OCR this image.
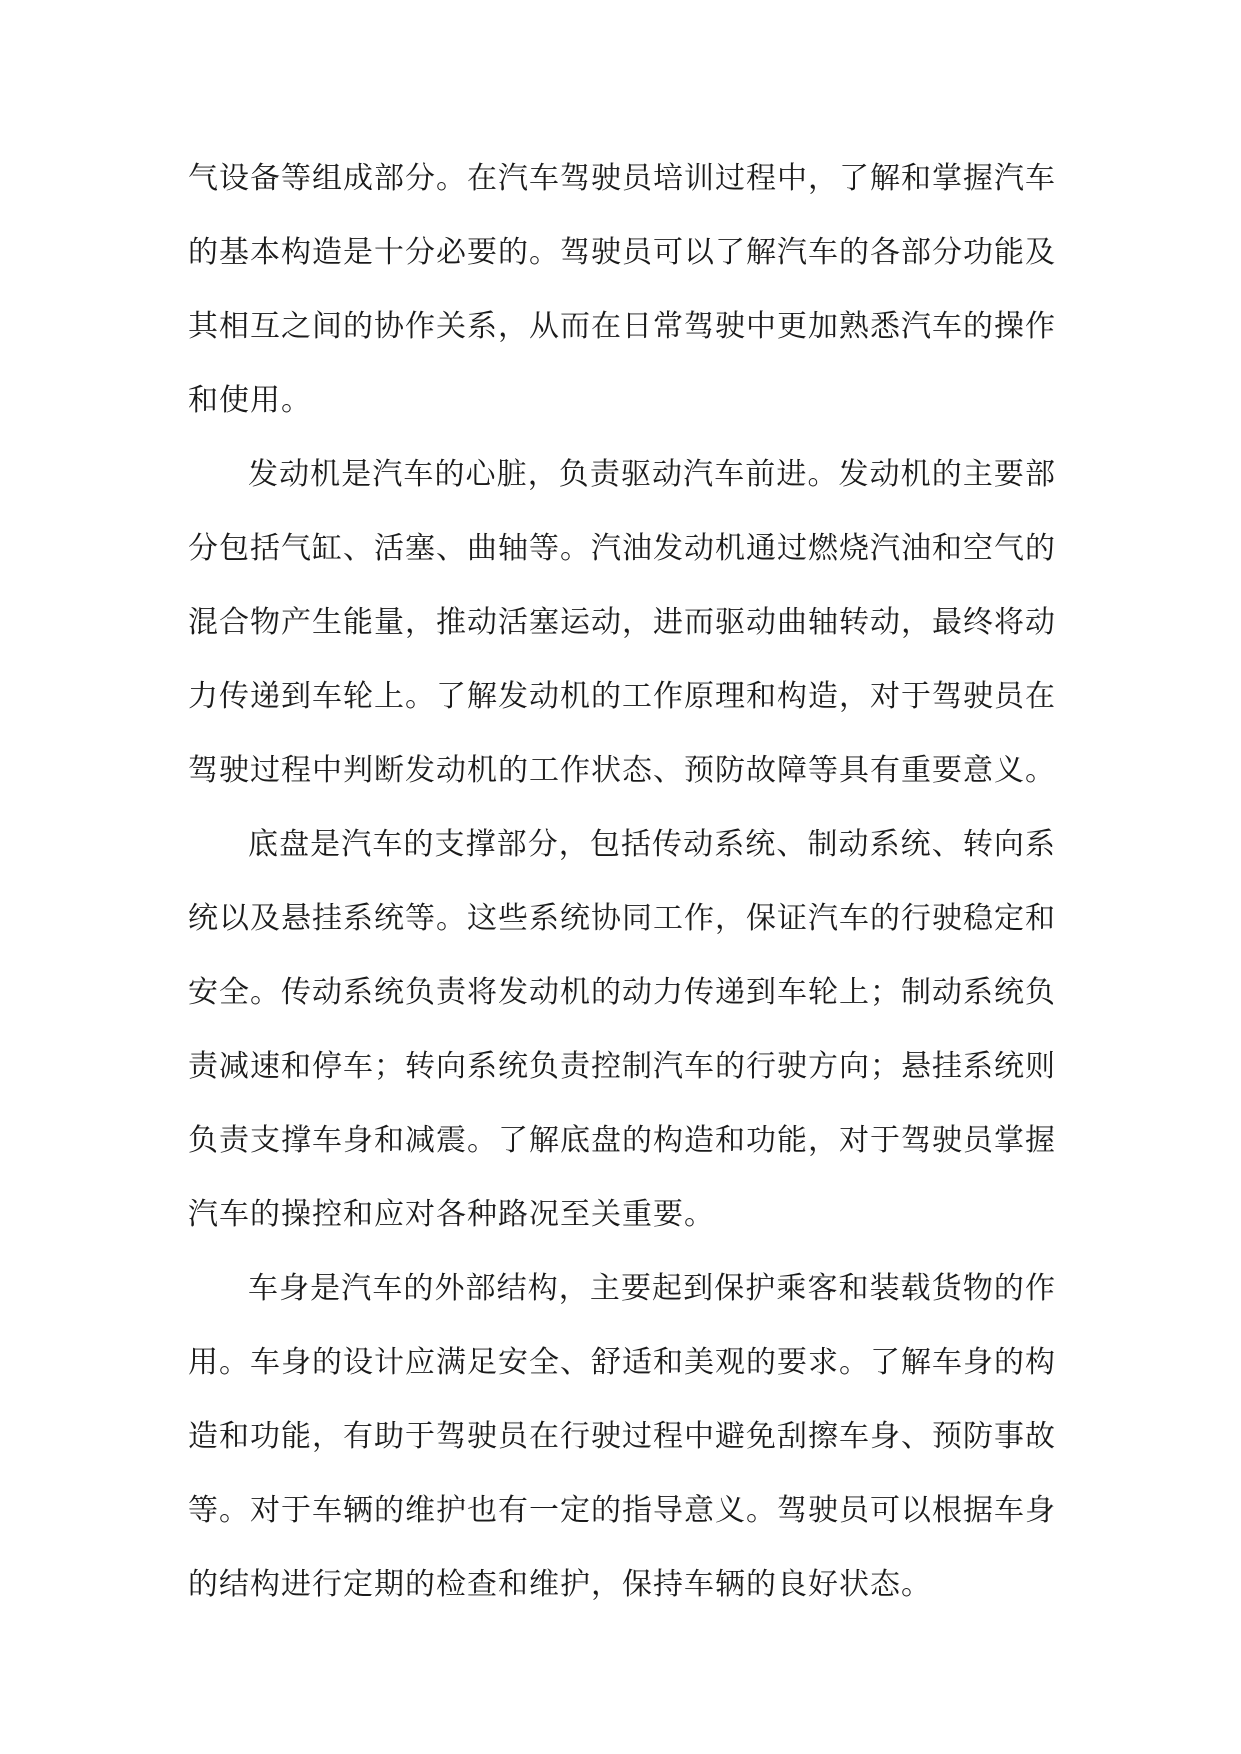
气设备等组成部分。在汽车驾驶员培训过程中，了解和掌握汽车的基本构造是十分必要的。驾驶员可以了解汽车的各部分功能及其相互之间的协作关系，从而在日常驾驶中更加熟悉汽车的操作和使用。

发动机是汽车的心脏，负责驱动汽车前进。发动机的主要部分包括气缸、活塞、曲轴等。汽油发动机通过燃烧汽油和空气的混合物产生能量，推动活塞运动，进而驱动曲轴转动，最终将动力传递到车轮上。了解发动机的工作原理和构造，对于驾驶员在驾驶过程中判断发动机的工作状态、预防故障等具有重要意义。

底盘是汽车的支撑部分，包括传动系统、制动系统、转向系统以及悬挂系统等。这些系统协同工作，保证汽车的行驶稳定和安全。传动系统负责将发动机的动力传递到车轮上；制动系统负责减速和停车；转向系统负责控制汽车的行驶方向；悬挂系统则负责支撑车身和减震。了解底盘的构造和功能，对于驾驶员掌握汽车的操控和应对各种路况至关重要。

车身是汽车的外部结构，主要起到保护乘客和装载货物的作用。车身的设计应满足安全、舒适和美观的要求。了解车身的构造和功能，有助于驾驶员在行驶过程中避免刮擦车身、预防事故等。对于车辆的维护也有一定的指导意义。驾驶员可以根据车身的结构进行定期的检查和维护，保持车辆的良好状态。
